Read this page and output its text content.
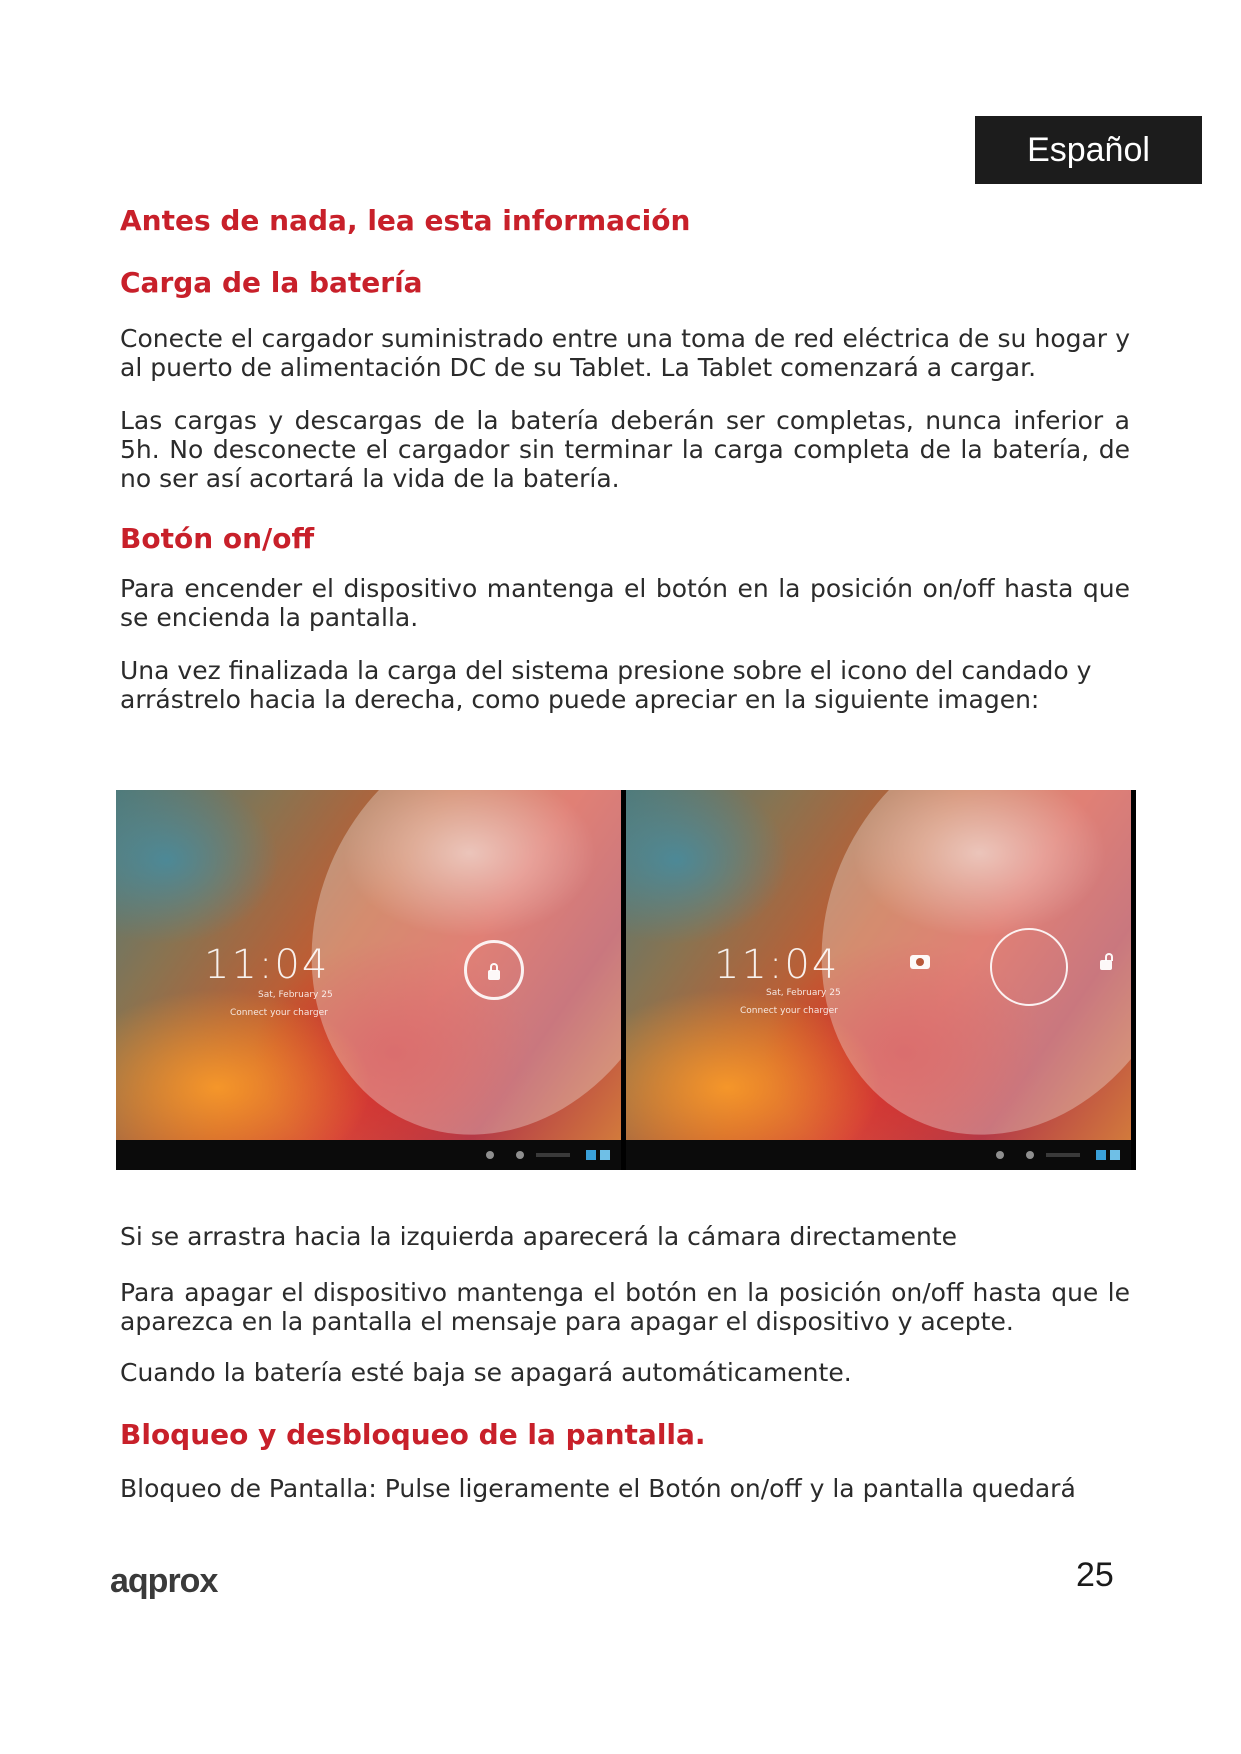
Español
Antes de nada, lea esta información
Carga de la batería

Conecte el cargador suministrado entre una toma de red eléctrica de su hogar y al puerto de alimentación DC de su Tablet. La Tablet comenzará a cargar.

Las cargas y descargas de la batería deberán ser completas, nunca inferior a 5h. No desconecte el cargador sin terminar la carga completa de la batería, de no ser así acortará la vida de la batería.

Botón on/off

Para encender el dispositivo mantenga el botón en la posición on/off hasta que se encienda la pantalla.

Una vez finalizada la carga del sistema presione sobre el icono del candado y arrástrelo hacia la derecha, como puede apreciar en la siguiente imagen:

11:04
Sat, February 25
Connect your charger
11:04
Sat, February 25
Connect your charger

Si se arrastra hacia la izquierda aparecerá la cámara directamente

Para apagar el dispositivo mantenga el botón en la posición on/off hasta que le aparezca en la pantalla el mensaje para apagar el dispositivo y acepte.

Cuando la batería esté baja se apagará automáticamente.

Bloqueo y desbloqueo de la pantalla.

Bloqueo de Pantalla: Pulse ligeramente el Botón on/off y la pantalla quedará

aqprox	25
